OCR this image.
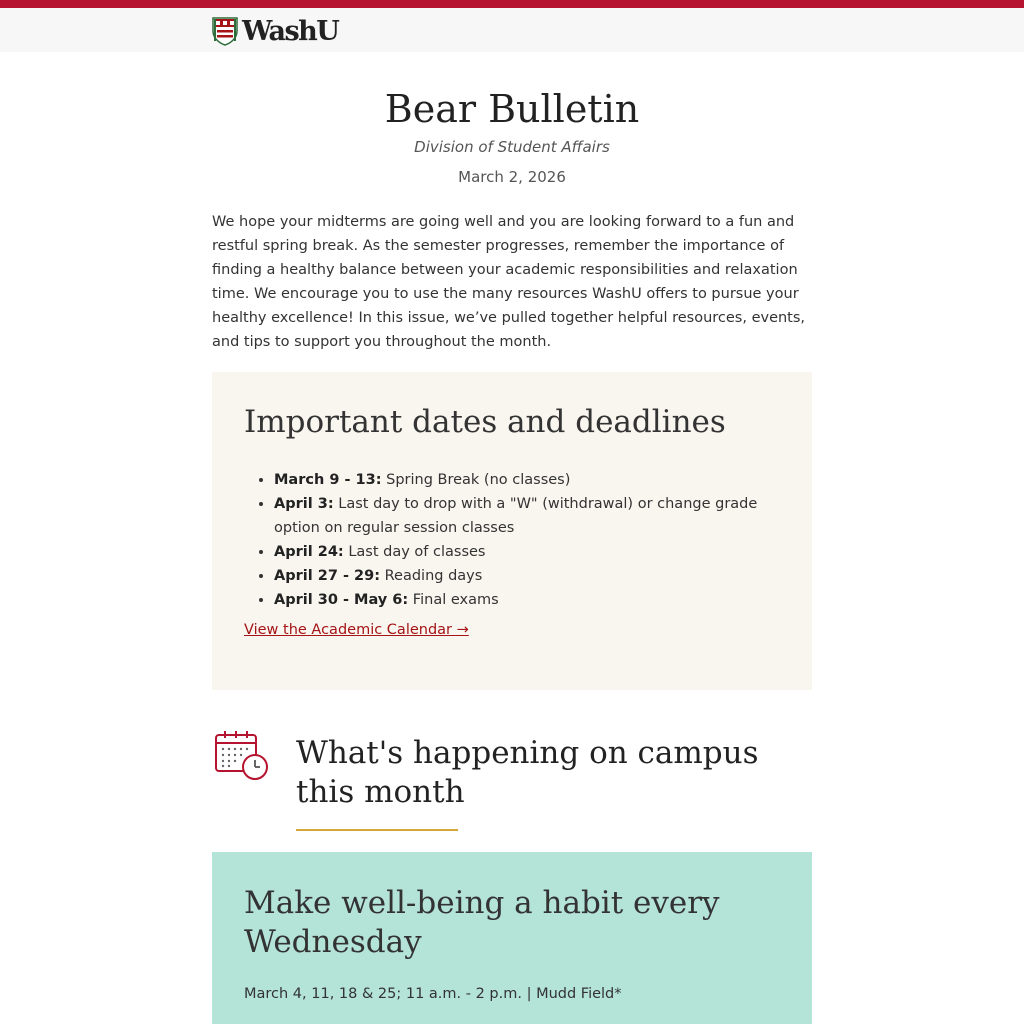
WashU
Bear Bulletin
Division of Student Affairs
March 2, 2026

We hope your midterms are going well and you are looking forward to a fun and restful spring break. As the semester progresses, remember the importance of finding a healthy balance between your academic responsibilities and relaxation time. We encourage you to use the many resources WashU offers to pursue your healthy excellence! In this issue, we’ve pulled together helpful resources, events, and tips to support you throughout the month.

Important dates and deadlines
• March 9 - 13: Spring Break (no classes)
• April 3: Last day to drop with a "W" (withdrawal) or change grade option on regular session classes
• April 24: Last day of classes
• April 27 - 29: Reading days
• April 30 - May 6: Final exams
View the Academic Calendar →
What's happening on campus this month
Make well-being a habit every Wednesday
March 4, 11, 18 & 25; 11 a.m. - 2 p.m. | Mudd Field*
